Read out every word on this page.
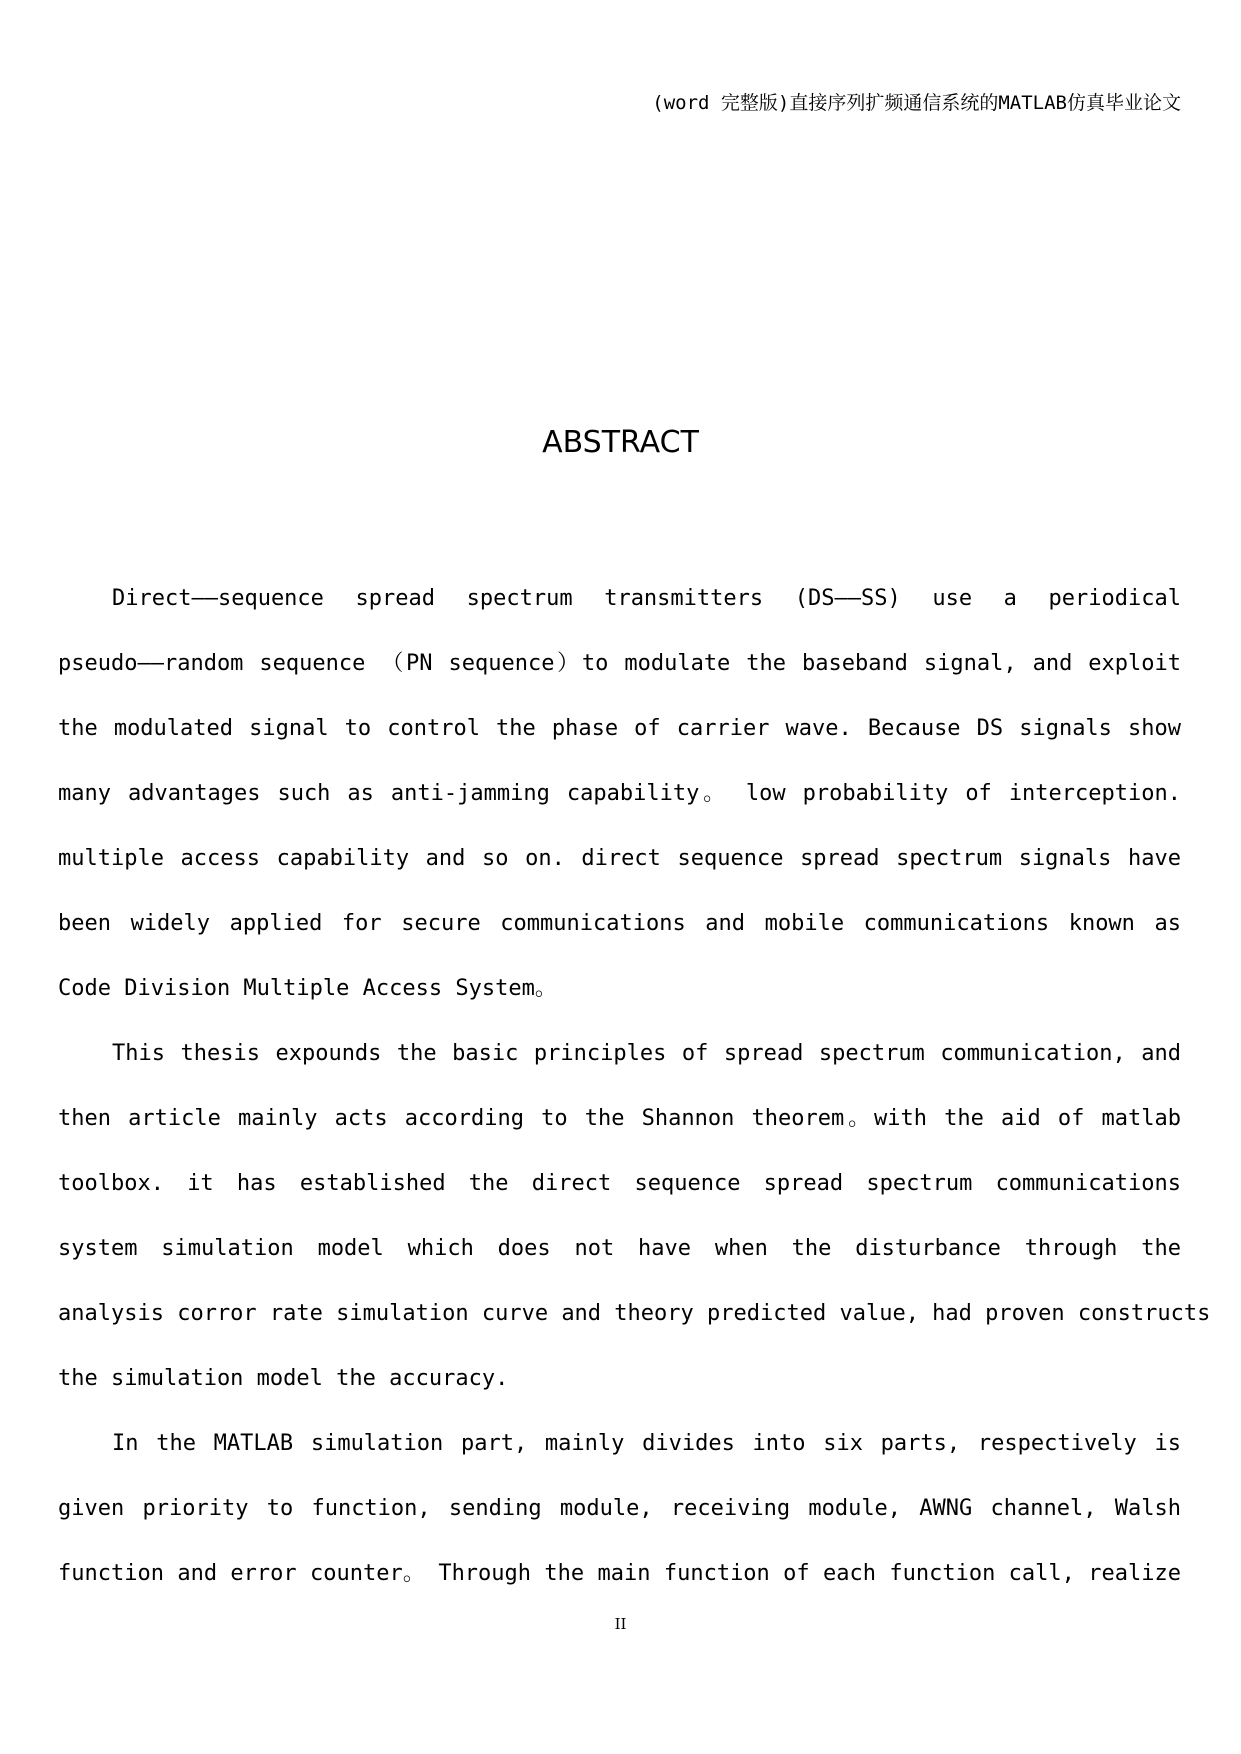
(word 完整版)直接序列扩频通信系统的MATLAB仿真毕业论文
ABSTRACT
Direct——sequence spread spectrum transmitters (DS——SS) use a periodical
pseudo——random sequence （PN sequence）to modulate the baseband signal, and exploit
the modulated signal to control the phase of carrier wave. Because DS signals show
many advantages such as anti-jamming capability。 low probability of interception.
multiple access capability and so on. direct sequence spread spectrum signals have
been widely applied for secure communications and mobile communications known as
Code Division Multiple Access System。
This thesis expounds the basic principles of spread spectrum communication, and
then article mainly acts according to the Shannon theorem。with the aid of matlab
toolbox. it has established the direct sequence spread spectrum communications
system simulation model which does not have when the disturbance through the
analysis corror rate simulation curve and theory predicted value, had proven constructs
the simulation model the accuracy.
In the MATLAB simulation part, mainly divides into six parts, respectively is
given priority to function, sending module, receiving module, AWNG channel, Walsh
function and error counter。 Through the main function of each function call, realize
II
